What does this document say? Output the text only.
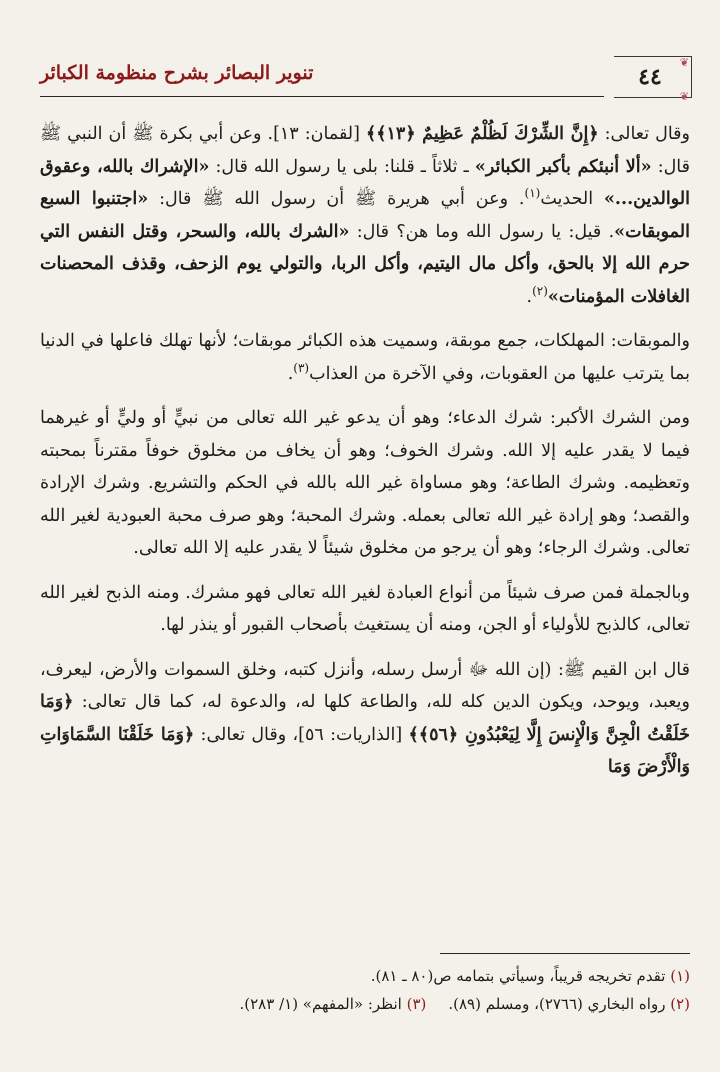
تنوير البصائر بشرح منظومة الكبائر	❦
❦
٤٤

وقال تعالى: ﴿إِنَّ الشِّرْكَ لَظُلْمٌ عَظِيمٌ ﴿١٣﴾﴾ [لقمان: ١٣]. وعن أبي بكرة ﷺ أن النبي ﷺ قال: «ألا أنبئكم بأكبر الكبائر» ـ ثلاثاً ـ قلنا: بلى يا رسول الله قال: «الإشراك بالله، وعقوق الوالدين...» الحديث$^{(١)}$. وعن أبي هريرة ﷺ أن رسول الله ﷺ قال: «اجتنبوا السبع الموبقات». قيل: يا رسول الله وما هن؟ قال: «الشرك بالله، والسحر، وقتل النفس التي حرم الله إلا بالحق، وأكل مال اليتيم، وأكل الربا، والتولي يوم الزحف، وقذف المحصنات الغافلات المؤمنات»$^{(٢)}$.

والموبقات: المهلكات، جمع موبقة، وسميت هذه الكبائر موبقات؛ لأنها تهلك فاعلها في الدنيا بما يترتب عليها من العقوبات، وفي الآخرة من العذاب$^{(٣)}$.

ومن الشرك الأكبر: شرك الدعاء؛ وهو أن يدعو غير الله تعالى من نبيٍّ أو وليٍّ أو غيرهما فيما لا يقدر عليه إلا الله. وشرك الخوف؛ وهو أن يخاف من مخلوق خوفاً مقترناً بمحبته وتعظيمه. وشرك الطاعة؛ وهو مساواة غير الله بالله في الحكم والتشريع. وشرك الإرادة والقصد؛ وهو إرادة غير الله تعالى بعمله. وشرك المحبة؛ وهو صرف محبة العبودية لغير الله تعالى. وشرك الرجاء؛ وهو أن يرجو من مخلوق شيئاً لا يقدر عليه إلا الله تعالى.

وبالجملة فمن صرف شيئاً من أنواع العبادة لغير الله تعالى فهو مشرك. ومنه الذبح لغير الله تعالى، كالذبح للأولياء أو الجن، ومنه أن يستغيث بأصحاب القبور أو ينذر لها.

قال ابن القيم ﷺ: (إن الله ﷻ أرسل رسله، وأنزل كتبه، وخلق السموات والأرض، ليعرف، ويعبد، ويوحد، ويكون الدين كله لله، والطاعة كلها له، والدعوة له، كما قال تعالى: ﴿وَمَا خَلَقْتُ الْجِنَّ وَالْإِنسَ إِلَّا لِيَعْبُدُونِ ﴿٥٦﴾﴾ [الذاريات: ٥٦]، وقال تعالى: ﴿وَمَا خَلَقْنَا السَّمَاوَاتِ وَالْأَرْضَ وَمَا

(١) تقدم تخريجه قريباً، وسيأتي بتمامه ص(٨٠ ـ ٨١).
(٢) رواه البخاري (٢٧٦٦)، ومسلم (٨٩).(٣) انظر: «المفهم» (١/ ٢٨٣).
